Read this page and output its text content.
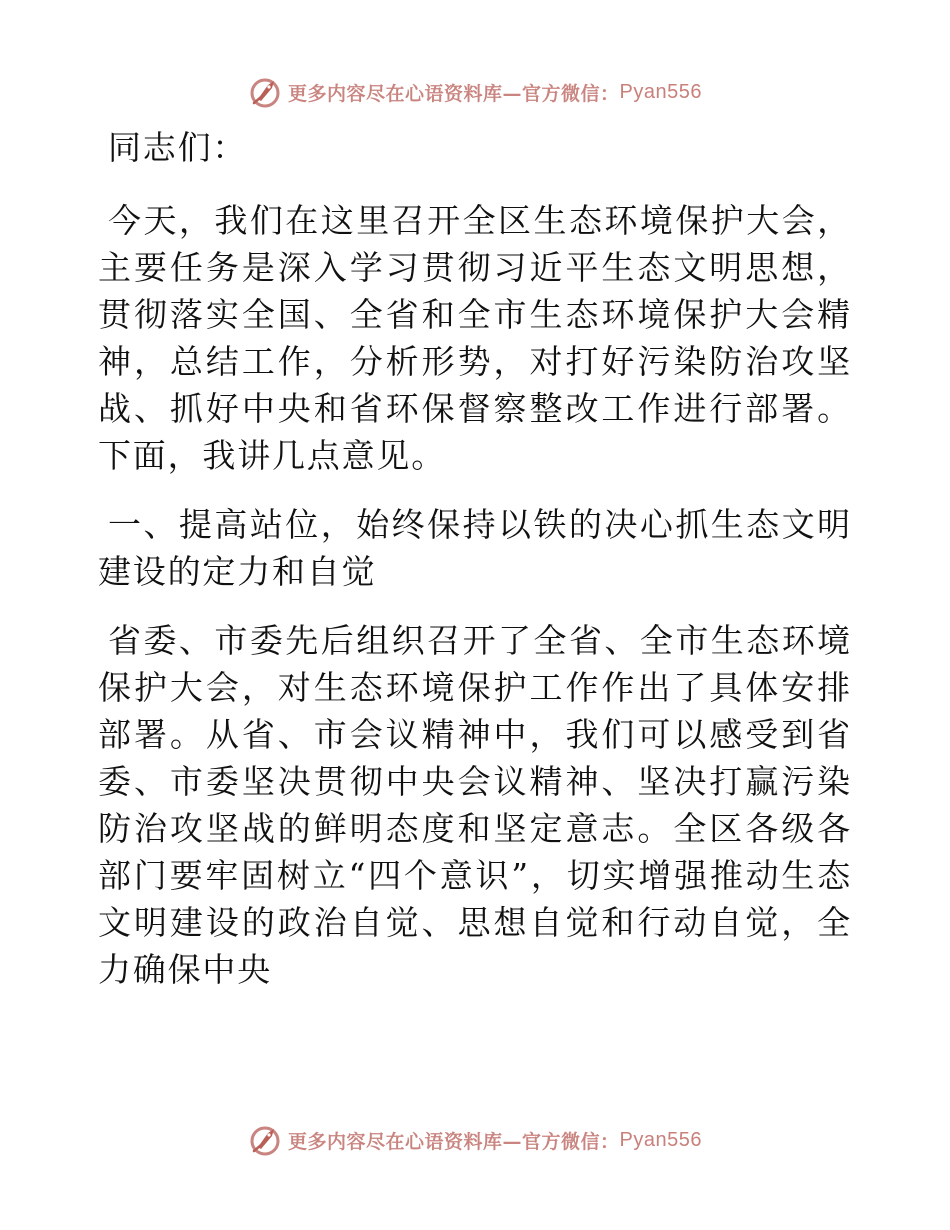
更多内容尽在心语资料库—官方微信： Pyan556

同志们：

今天，我们在这里召开全区生态环境保护大会，主要任务是深入学习贯彻习近平生态文明思想，贯彻落实全国、全省和全市生态环境保护大会精神，总结工作，分析形势，对打好污染防治攻坚战、抓好中央和省环保督察整改工作进行部署。下面，我讲几点意见。

一、提高站位，始终保持以铁的决心抓生态文明建设的定力和自觉

省委、市委先后组织召开了全省、全市生态环境保护大会，对生态环境保护工作作出了具体安排部署。从省、市会议精神中，我们可以感受到省委、市委坚决贯彻中央会议精神、坚决打赢污染防治攻坚战的鲜明态度和坚定意志。全区各级各部门要牢固树立“四个意识”，切实增强推动生态文明建设的政治自觉、思想自觉和行动自觉，全力确保中央

更多内容尽在心语资料库—官方微信： Pyan556
